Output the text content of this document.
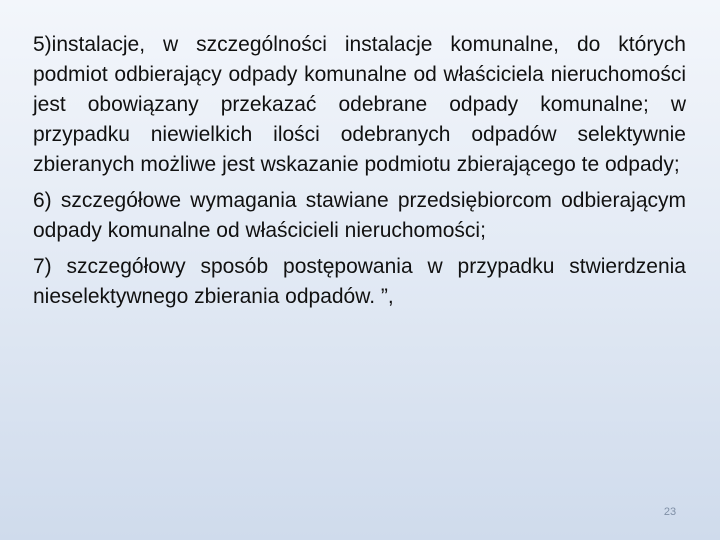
5)instalacje, w szczególności instalacje komunalne, do których podmiot odbierający odpady komunalne od właściciela nieruchomości jest obowiązany przekazać odebrane odpady komunalne; w przypadku niewielkich ilości odebranych odpadów selektywnie zbieranych możliwe jest wskazanie podmiotu zbierającego te odpady;

6) szczegółowe wymagania stawiane przedsiębiorcom odbierającym odpady komunalne od właścicieli nieruchomości;

7) szczegółowy sposób postępowania w przypadku stwierdzenia nieselektywnego zbierania odpadów. ”,

23
